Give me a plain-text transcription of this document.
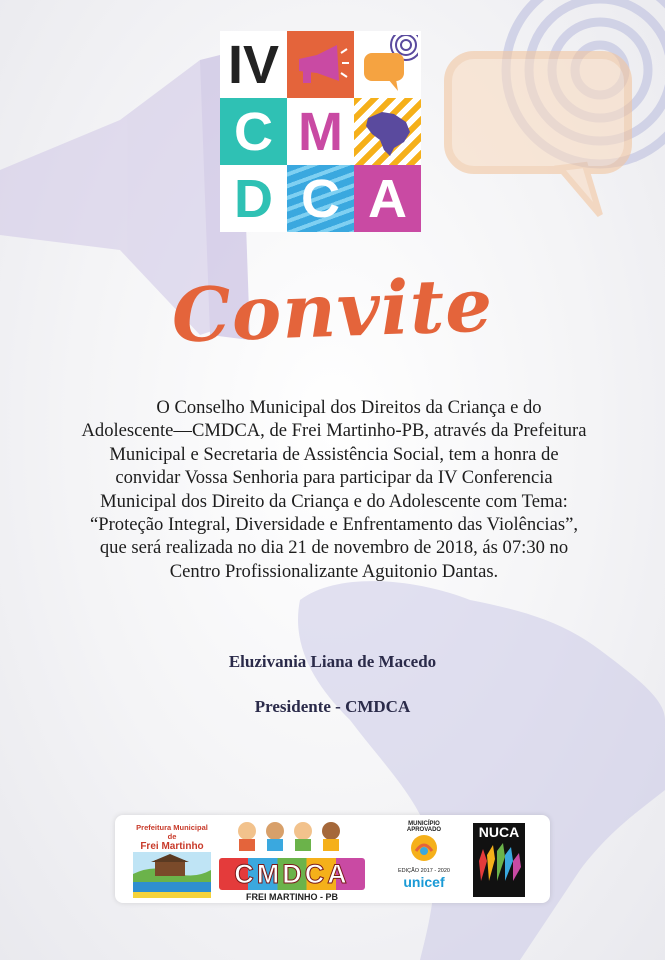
IV
C M
D C A
Convite
O Conselho Municipal dos Direitos da Criança e do
Adolescente—CMDCA, de Frei Martinho-PB, através da Prefeitura
Municipal e Secretaria de Assistência Social, tem a honra de
convidar Vossa Senhoria para participar da IV Conferencia
Municipal dos Direito da Criança e do Adolescente com Tema:
“Proteção Integral, Diversidade e Enfrentamento das Violências”,
que será realizada no dia 21 de novembro de 2018, ás 07:30 no
Centro Profissionalizante Aguitonio Dantas.
Eluzivania Liana de Macedo
Presidente - CMDCA
Prefeitura Municipal de
Frei Martinho
CMDCA
FREI MARTINHO - PB
MUNICÍPIO APROVADO
EDIÇÃO 2017 - 2020
unicef
NUCA
